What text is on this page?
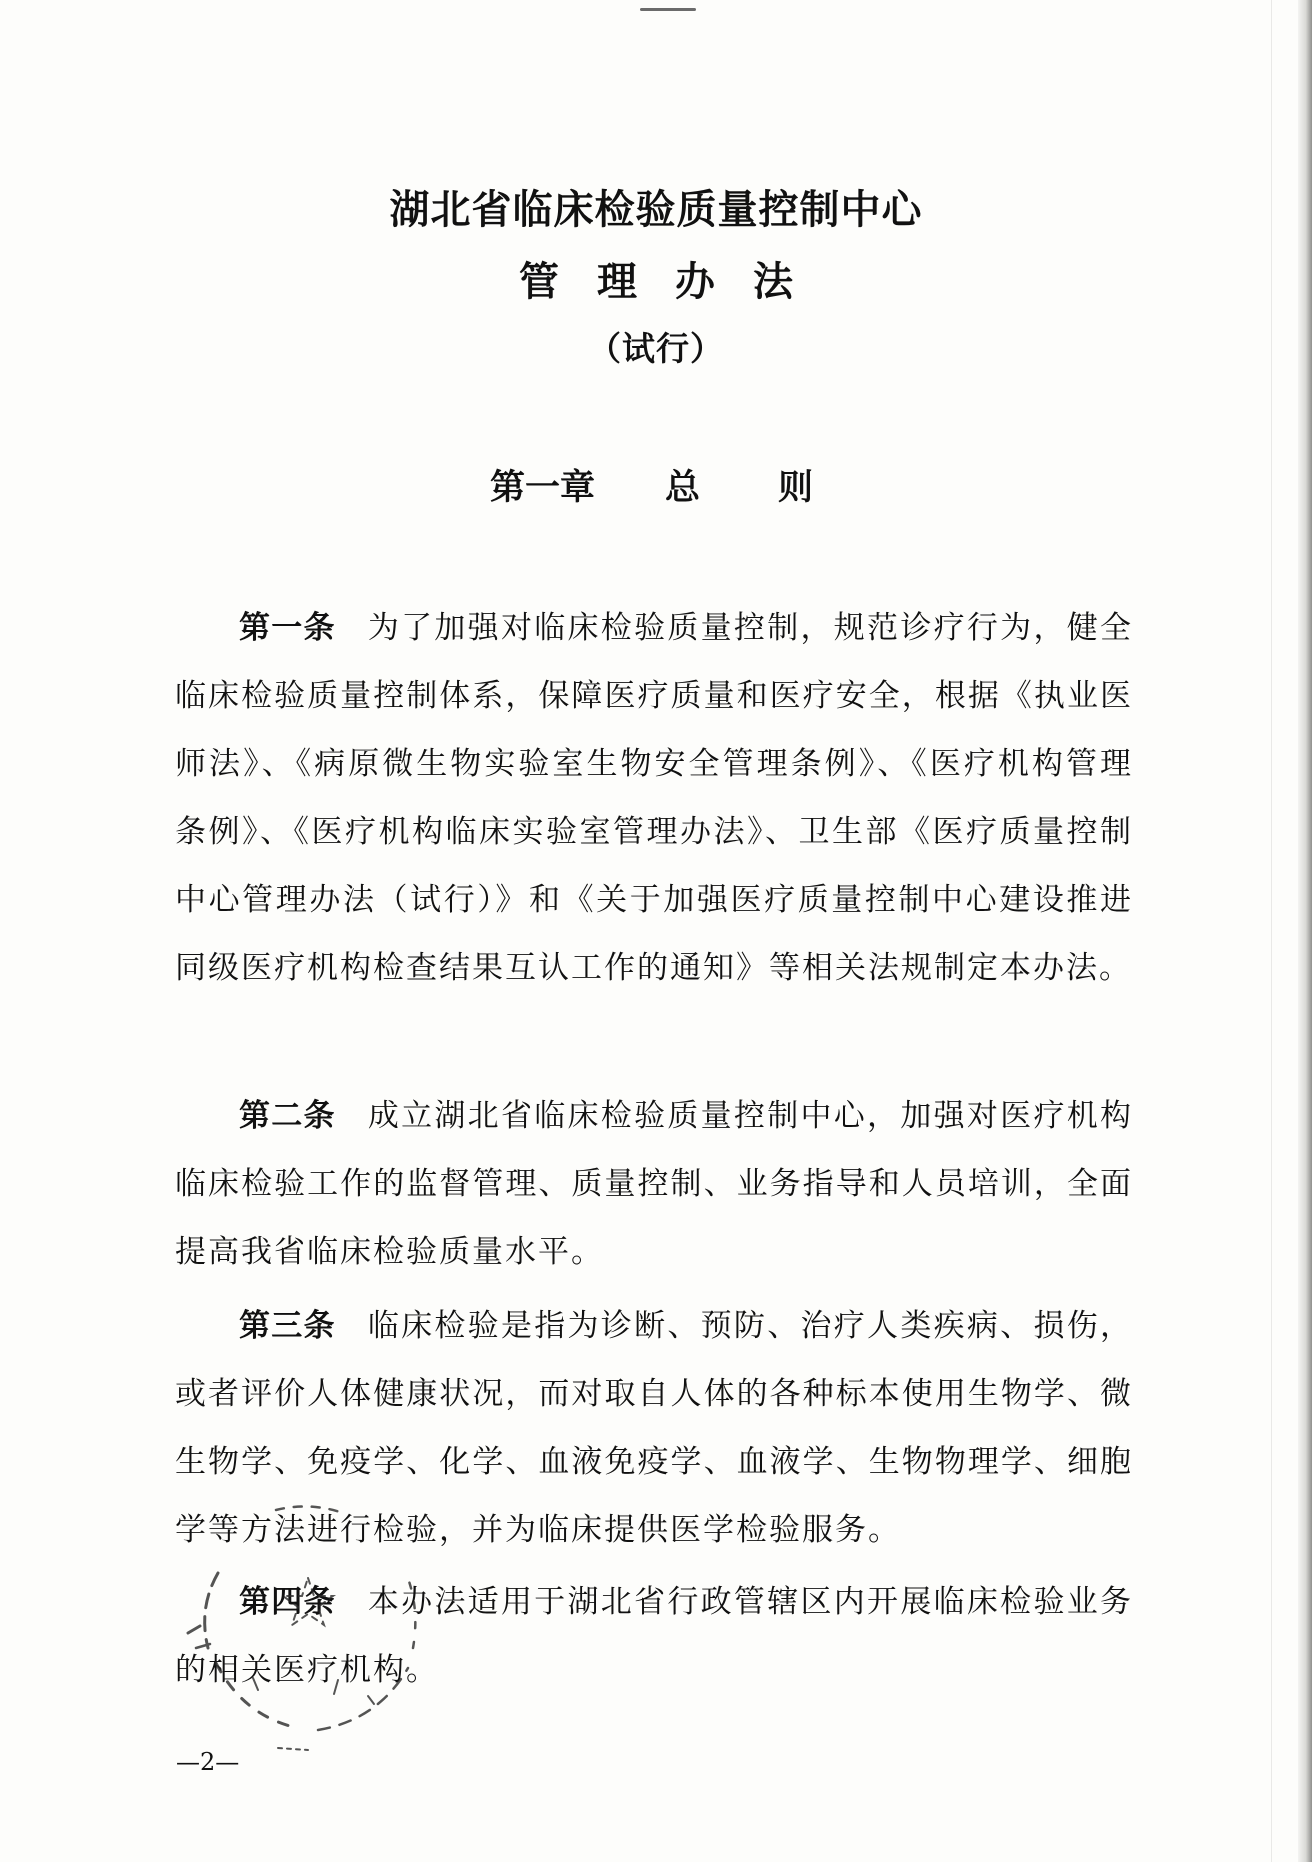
湖北省临床检验质量控制中心
管理办法
（试行）
第一章 总 则
第一条 为了加强对临床检验质量控制，规范诊疗行为，健全临床检验质量控制体系，保障医疗质量和医疗安全，根据《执业医师法》、《病原微生物实验室生物安全管理条例》、《医疗机构管理条例》、《医疗机构临床实验室管理办法》、卫生部《医疗质量控制中心管理办法（试行）》和《关于加强医疗质量控制中心建设推进同级医疗机构检查结果互认工作的通知》等相关法规制定本办法。
第二条 成立湖北省临床检验质量控制中心，加强对医疗机构临床检验工作的监督管理、质量控制、业务指导和人员培训，全面提高我省临床检验质量水平。
第三条 临床检验是指为诊断、预防、治疗人类疾病、损伤，或者评价人体健康状况，而对取自人体的各种标本使用生物学、微生物学、免疫学、化学、血液免疫学、血液学、生物物理学、细胞学等方法进行检验，并为临床提供医学检验服务。
第四条 本办法适用于湖北省行政管辖区内开展临床检验业务的相关医疗机构。
—2—
